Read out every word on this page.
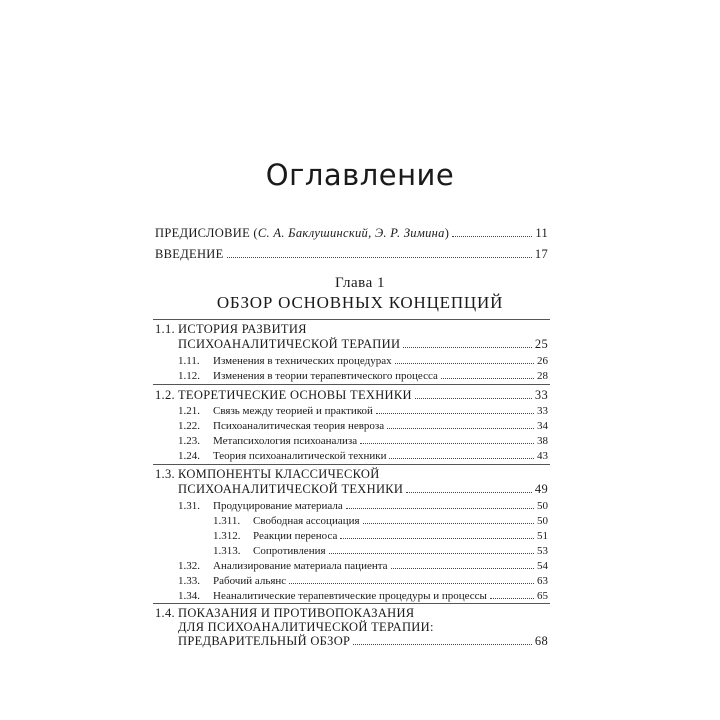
Оглавление
ПРЕДИСЛОВИЕ (С. А. Баклушинский, Э. Р. Зимина)	11
ВВЕДЕНИЕ	17
Глава 1
ОБЗОР ОСНОВНЫХ КОНЦЕПЦИЙ
1.1. ИСТОРИЯ РАЗВИТИЯ
ПСИХОАНАЛИТИЧЕСКОЙ ТЕРАПИИ	25
1.11.	Изменения в технических процедурах	26
1.12.	Изменения в теории терапевтического процесса	28
1.2. ТЕОРЕТИЧЕСКИЕ ОСНОВЫ ТЕХНИКИ	33
1.21.	Связь между теорией и практикой	33
1.22.	Психоаналитическая теория невроза	34
1.23.	Метапсихология психоанализа	38
1.24.	Теория психоаналитической техники	43
1.3. КОМПОНЕНТЫ КЛАССИЧЕСКОЙ
ПСИХОАНАЛИТИЧЕСКОЙ ТЕХНИКИ	49
1.31.	Продуцирование материала	50
1.311.	Свободная ассоциация	50
1.312.	Реакции переноса	51
1.313.	Сопротивления	53
1.32.	Анализирование материала пациента	54
1.33.	Рабочий альянс	63
1.34.	Неаналитические терапевтические процедуры и процессы	65
1.4. ПОКАЗАНИЯ И ПРОТИВОПОКАЗАНИЯ
ДЛЯ ПСИХОАНАЛИТИЧЕСКОЙ ТЕРАПИИ:
ПРЕДВАРИТЕЛЬНЫЙ ОБЗОР	68
